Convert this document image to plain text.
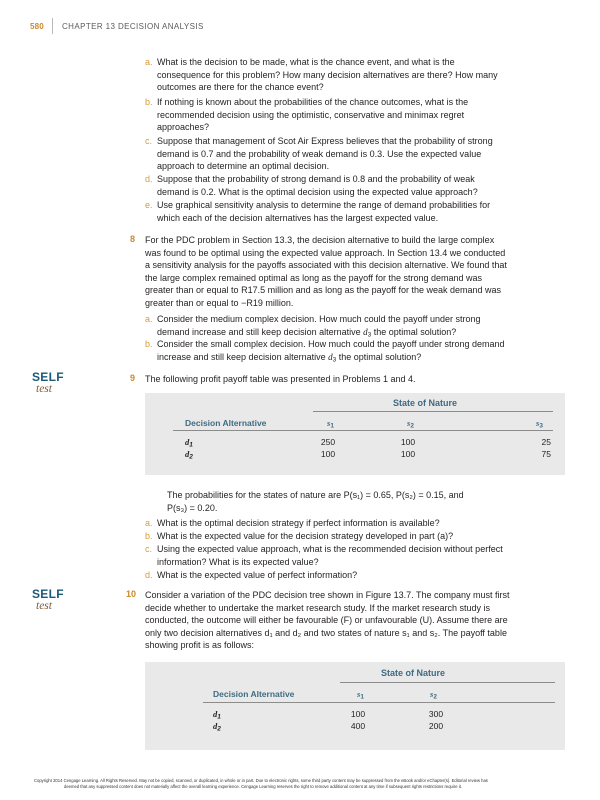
580 CHAPTER 13 DECISION ANALYSIS
a. What is the decision to be made, what is the chance event, and what is the
consequence for this problem? How many decision alternatives are there? How many
outcomes are there for the chance event?
b. If nothing is known about the probabilities of the chance outcomes, what is the
recommended decision using the optimistic, conservative and minimax regret
approaches?
c. Suppose that management of Scot Air Express believes that the probability of strong
demand is 0.7 and the probability of weak demand is 0.3. Use the expected value
approach to determine an optimal decision.
d. Suppose that the probability of strong demand is 0.8 and the probability of weak
demand is 0.2. What is the optimal decision using the expected value approach?
e. Use graphical sensitivity analysis to determine the range of demand probabilities for
which each of the decision alternatives has the largest expected value.
8 For the PDC problem in Section 13.3, the decision alternative to build the large complex
was found to be optimal using the expected value approach. In Section 13.4 we conducted
a sensitivity analysis for the payoffs associated with this decision alternative. We found that
the large complex remained optimal as long as the payoff for the strong demand was
greater than or equal to R17.5 million and as long as the payoff for the weak demand was
greater than or equal to −R19 million.
a. Consider the medium complex decision. How much could the payoff under strong
demand increase and still keep decision alternative $d_3$ the optimal solution?
b. Consider the small complex decision. How much could the payoff under strong demand
increase and still keep decision alternative $d_3$ the optimal solution?
SELF
test
9 The following profit payoff table was presented in Problems 1 and 4.
State of Nature
Decision Alternative	$s_1$	$s_2$	$s_3$
$d_1$	250	100	25
$d_2$	100	100	75
The probabilities for the states of nature are P(s₁) = 0.65, P(s₂) = 0.15, and
P(s₃) = 0.20.
a. What is the optimal decision strategy if perfect information is available?
b. What is the expected value for the decision strategy developed in part (a)?
c. Using the expected value approach, what is the recommended decision without perfect
information? What is its expected value?
d. What is the expected value of perfect information?
SELF
test
10 Consider a variation of the PDC decision tree shown in Figure 13.7. The company must first
decide whether to undertake the market research study. If the market research study is
conducted, the outcome will either be favourable (F) or unfavourable (U). Assume there are
only two decision alternatives d₁ and d₂ and two states of nature s₁ and s₂. The payoff table
showing profit is as follows:
State of Nature
Decision Alternative	$s_1$	$s_2$
$d_1$	100	300
$d_2$	400	200
Copyright 2014 Cengage Learning. All Rights Reserved. May not be copied, scanned, or duplicated, in whole or in part. Due to electronic rights, some third party content may be suppressed from the eBook and/or eChapter(s). Editorial review has
deemed that any suppressed content does not materially affect the overall learning experience. Cengage Learning reserves the right to remove additional content at any time if subsequent rights restrictions require it.
